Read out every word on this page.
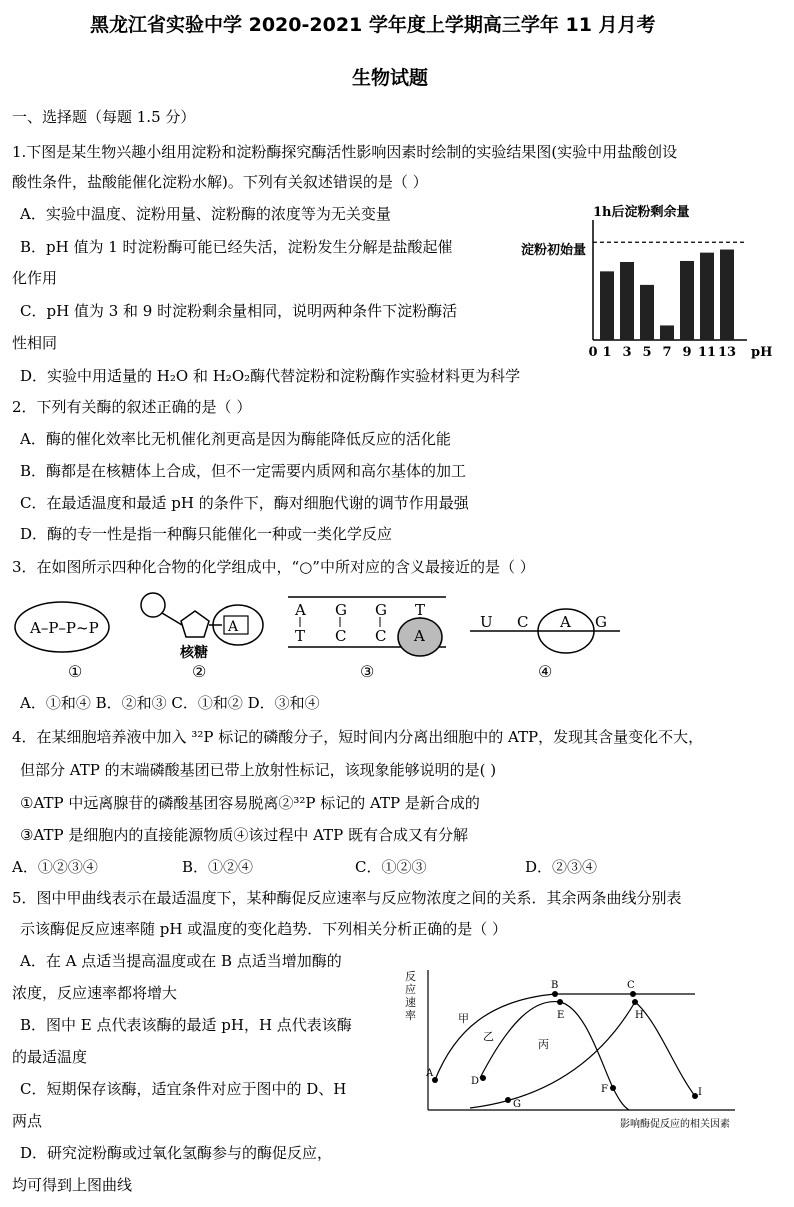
黑龙江省实验中学 2020-2021 学年度上学期高三学年 11 月月考
生物试题
一、选择题（每题 1.5 分）
1.下图是某生物兴趣小组用淀粉和淀粉酶探究酶活性影响因素时绘制的实验结果图(实验中用盐酸创设
酸性条件，盐酸能催化淀粉水解)。下列有关叙述错误的是（ ）
A．实验中温度、淀粉用量、淀粉酶的浓度等为无关变量
B．pH 值为 1 时淀粉酶可能已经失活，淀粉发生分解是盐酸起催
化作用
C．pH 值为 3 和 9 时淀粉剩余量相同，说明两种条件下淀粉酶活
性相同
D．实验中用适量的 H₂O 和 H₂O₂酶代替淀粉和淀粉酶作实验材料更为科学
1h后淀粉剩余量
淀粉初始量
0 1 3 5 7 9 11 13 pH
2．下列有关酶的叙述正确的是（ ）
A．酶的催化效率比无机催化剂更高是因为酶能降低反应的活化能
B．酶都是在核糖体上合成，但不一定需要内质网和高尔基体的加工
C．在最适温度和最适 pH 的条件下，酶对细胞代谢的调节作用最强
D．酶的专一性是指一种酶只能催化一种或一类化学反应
3．在如图所示四种化合物的化学组成中，“○”中所对应的含义最接近的是（ ）
A–P–P~P
①
A
核糖
②
A G G T
T C C A
③
U C A G
④
A．①和④ B．②和③ C．①和② D．③和④
4．在某细胞培养液中加入 ³²P 标记的磷酸分子，短时间内分离出细胞中的 ATP，发现其含量变化不大，
但部分 ATP 的末端磷酸基团已带上放射性标记，该现象能够说明的是( )
①ATP 中远离腺苷的磷酸基团容易脱离②³²P 标记的 ATP 是新合成的
③ATP 是细胞内的直接能源物质④该过程中 ATP 既有合成又有分解
A．①②③④	B．①②④	C．①②③	D．②③④
5．图中甲曲线表示在最适温度下，某种酶促反应速率与反应物浓度之间的关系．其余两条曲线分别表
示该酶促反应速率随 pH 或温度的变化趋势．下列相关分析正确的是（ ）
A．在 A 点适当提高温度或在 B 点适当增加酶的
浓度，反应速率都将增大
B．图中 E 点代表该酶的最适 pH，H 点代表该酶
的最适温度
C．短期保存该酶，适宜条件对应于图中的 D、H
两点
D．研究淀粉酶或过氧化氢酶参与的酶促反应，
均可得到上图曲线
反
应
速
率
A
B	C
D
E
F
G
H
I
甲
乙
丙
影响酶促反应的相关因素
